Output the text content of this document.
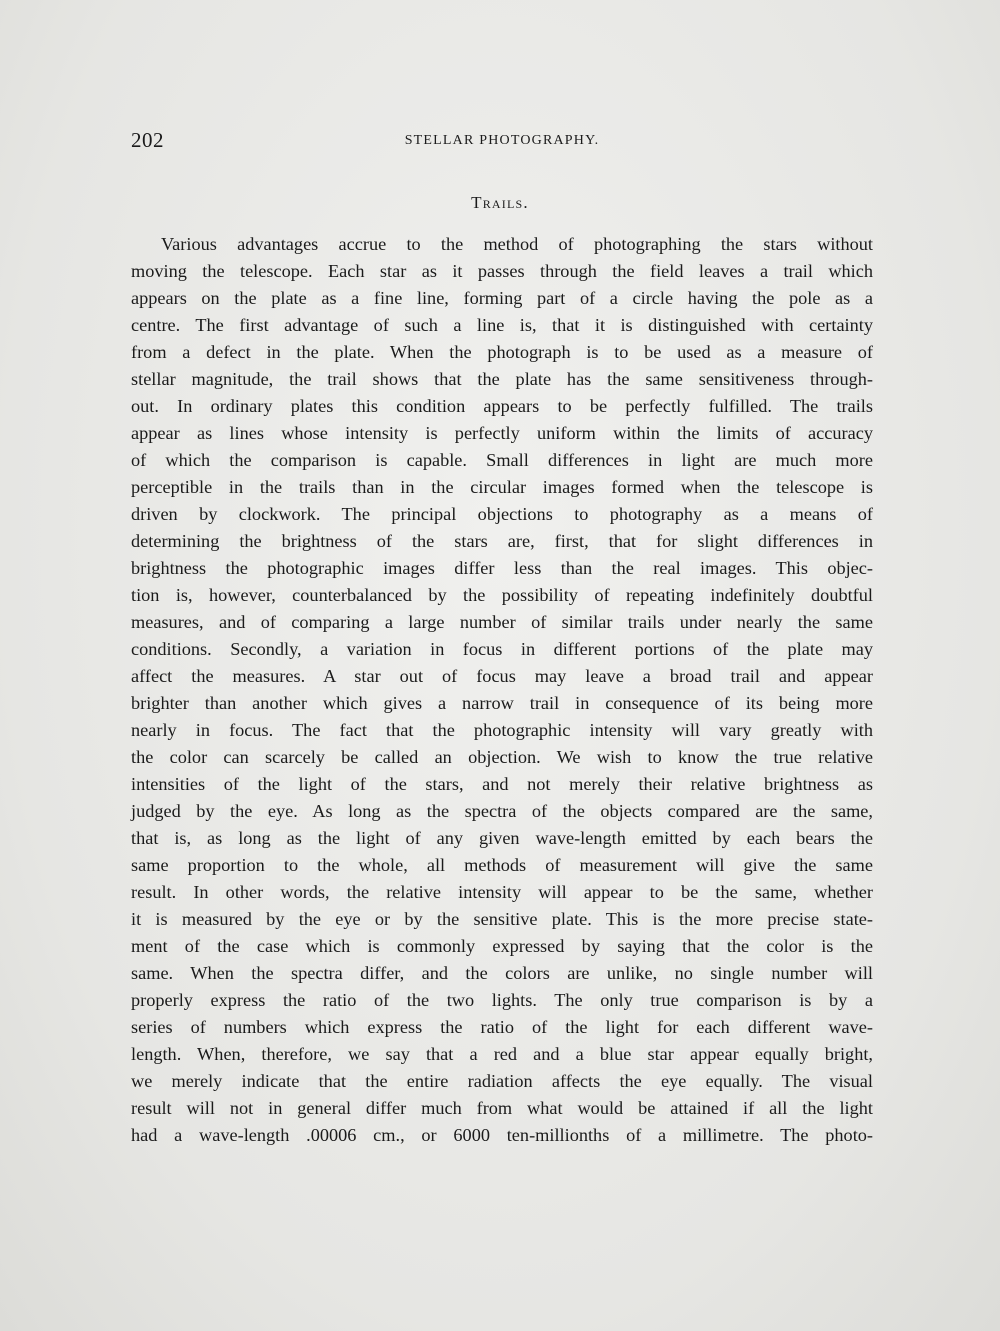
202	STELLAR PHOTOGRAPHY.
Trails.
Various advantages accrue to the method of photographing the stars without
moving the telescope. Each star as it passes through the field leaves a trail which
appears on the plate as a fine line, forming part of a circle having the pole as a
centre. The first advantage of such a line is, that it is distinguished with certainty
from a defect in the plate. When the photograph is to be used as a measure of
stellar magnitude, the trail shows that the plate has the same sensitiveness through-
out. In ordinary plates this condition appears to be perfectly fulfilled. The trails
appear as lines whose intensity is perfectly uniform within the limits of accuracy
of which the comparison is capable. Small differences in light are much more
perceptible in the trails than in the circular images formed when the telescope is
driven by clockwork. The principal objections to photography as a means of
determining the brightness of the stars are, first, that for slight differences in
brightness the photographic images differ less than the real images. This objec-
tion is, however, counterbalanced by the possibility of repeating indefinitely doubtful
measures, and of comparing a large number of similar trails under nearly the same
conditions. Secondly, a variation in focus in different portions of the plate may
affect the measures. A star out of focus may leave a broad trail and appear
brighter than another which gives a narrow trail in consequence of its being more
nearly in focus. The fact that the photographic intensity will vary greatly with
the color can scarcely be called an objection. We wish to know the true relative
intensities of the light of the stars, and not merely their relative brightness as
judged by the eye. As long as the spectra of the objects compared are the same,
that is, as long as the light of any given wave-length emitted by each bears the
same proportion to the whole, all methods of measurement will give the same
result. In other words, the relative intensity will appear to be the same, whether
it is measured by the eye or by the sensitive plate. This is the more precise state-
ment of the case which is commonly expressed by saying that the color is the
same. When the spectra differ, and the colors are unlike, no single number will
properly express the ratio of the two lights. The only true comparison is by a
series of numbers which express the ratio of the light for each different wave-
length. When, therefore, we say that a red and a blue star appear equally bright,
we merely indicate that the entire radiation affects the eye equally. The visual
result will not in general differ much from what would be attained if all the light
had a wave-length .00006 cm., or 6000 ten-millionths of a millimetre. The photo-
